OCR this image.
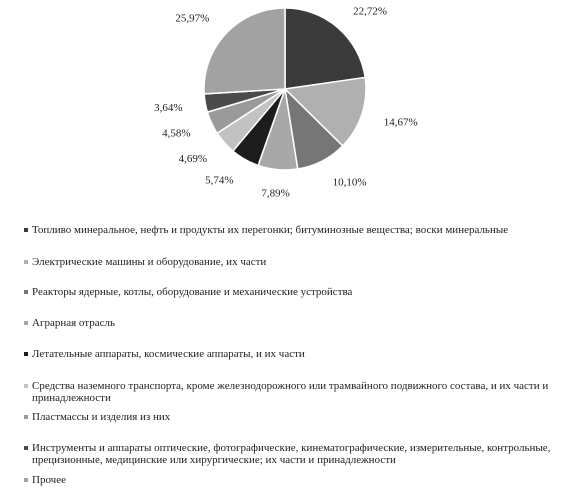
22,72%
14,67%
10,10%
7,89%
5,74%
4,69%
4,58%
3,64%
25,97%
Топливо минеральное, нефть и продукты их перегонки; битуминозные вещества; воски минеральные
Электрические машины и оборудование, их части
Реакторы ядерные, котлы, оборудование и механические устройства
Аграрная отрасль
Летательные аппараты, космические аппараты, и их части
Средства наземного транспорта, кроме железнодорожного или трамвайного подвижного состава, и их части и принадлежности
Пластмассы и изделия из них
Инструменты и аппараты оптические, фотографические, кинематографические, измерительные, контрольные, прецизионные, медицинские или хирургические; их части и принадлежности
Прочее
